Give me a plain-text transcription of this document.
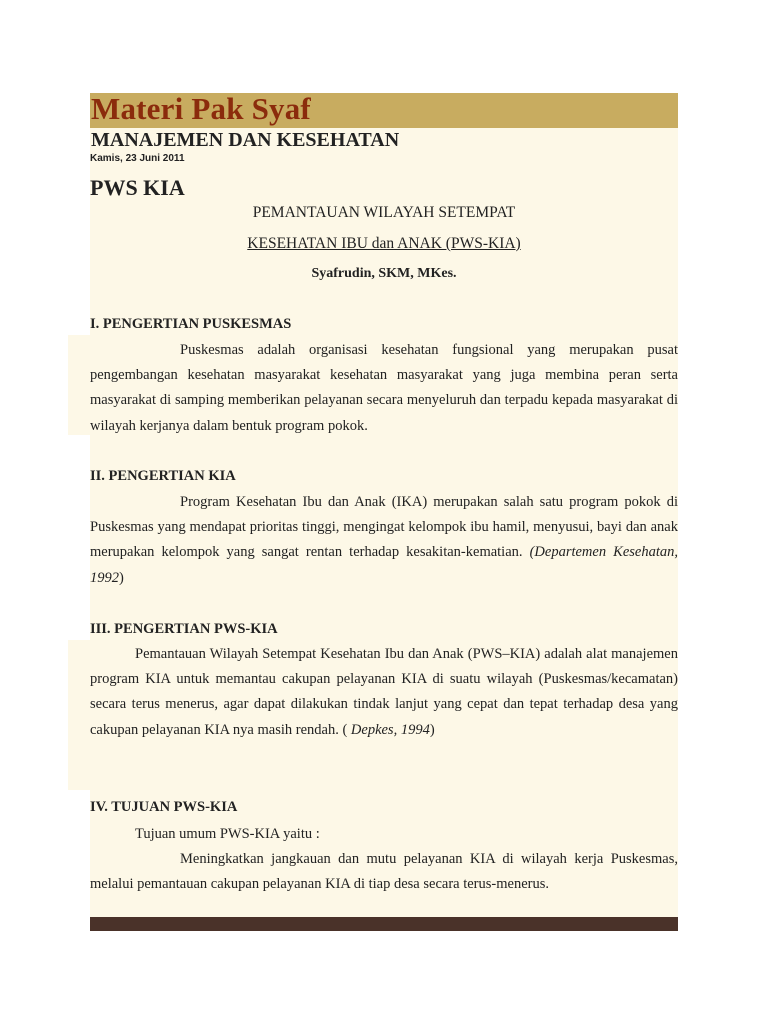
Materi Pak Syaf
MANAJEMEN DAN KESEHATAN
Kamis, 23 Juni 2011
PWS KIA
PEMANTAUAN WILAYAH SETEMPAT
KESEHATAN IBU dan ANAK (PWS-KIA)
Syafrudin, SKM, MKes.
I. PENGERTIAN PUSKESMAS

Puskesmas adalah organisasi kesehatan fungsional yang merupakan pusat pengembangan kesehatan masyarakat kesehatan masyarakat yang juga membina peran serta masyarakat di samping memberikan pelayanan secara menyeluruh dan terpadu kepada masyarakat di wilayah kerjanya dalam bentuk program pokok.

II. PENGERTIAN KIA

Program Kesehatan Ibu dan Anak (IKA) merupakan salah satu program pokok di Puskesmas yang mendapat prioritas tinggi, mengingat kelompok ibu hamil, menyusui, bayi dan anak merupakan kelompok yang sangat rentan terhadap kesakitan-kematian. (Departemen Kesehatan, 1992)

III. PENGERTIAN PWS-KIA

Pemantauan Wilayah Setempat Kesehatan Ibu dan Anak (PWS–KIA) adalah alat manajemen program KIA untuk memantau cakupan pelayanan KIA di suatu wilayah (Puskesmas/kecamatan) secara terus menerus, agar dapat dilakukan tindak lanjut yang cepat dan tepat terhadap desa yang cakupan pelayanan KIA nya masih rendah. ( Depkes, 1994)

IV. TUJUAN PWS-KIA

Tujuan umum PWS-KIA yaitu :

Meningkatkan jangkauan dan mutu pelayanan KIA di wilayah kerja Puskesmas, melalui pemantauan cakupan pelayanan KIA di tiap desa secara terus-menerus.
